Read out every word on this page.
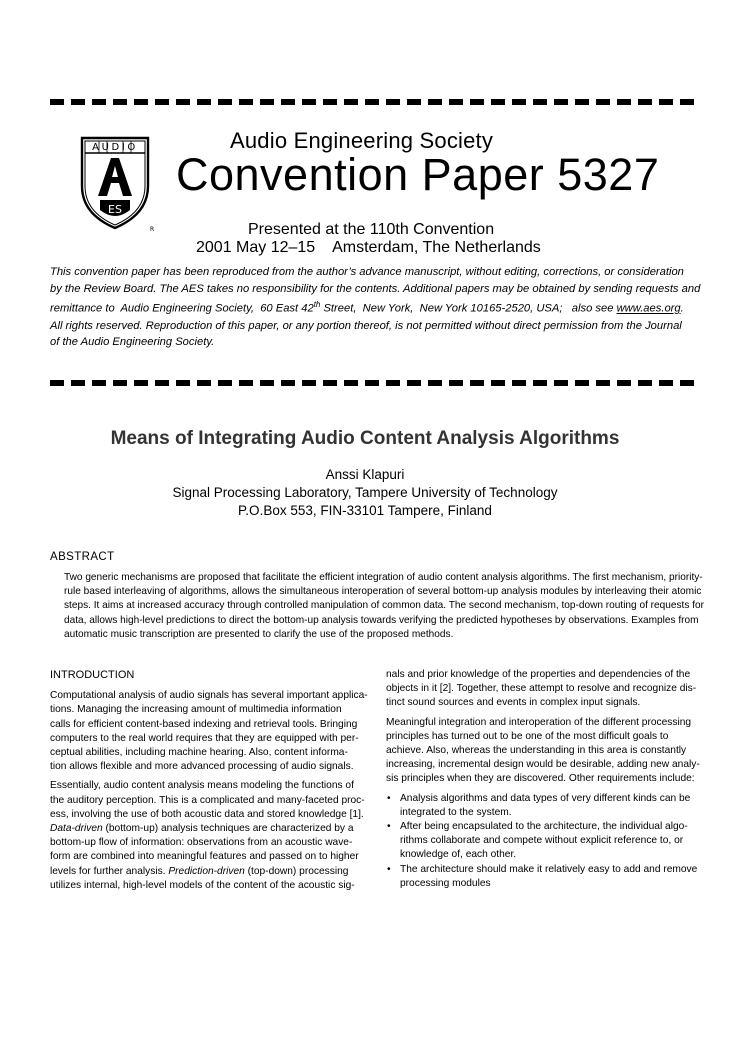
AUDIO
ES
R
Audio Engineering Society
Convention Paper 5327
Presented at the 110th Convention
2001 May 12–15    Amsterdam, The Netherlands
This convention paper has been reproduced from the author’s advance manuscript, without editing, corrections, or consideration
by the Review Board. The AES takes no responsibility for the contents. Additional papers may be obtained by sending requests and
remittance to  Audio Engineering Society,  60 East 42th Street,  New York,  New York 10165-2520, USA;   also see www.aes.org.
All rights reserved. Reproduction of this paper, or any portion thereof, is not permitted without direct permission from the Journal
of the Audio Engineering Society.
Means of Integrating Audio Content Analysis Algorithms
Anssi Klapuri
Signal Processing Laboratory, Tampere University of Technology
P.O.Box 553, FIN-33101 Tampere, Finland
ABSTRACT
Two generic mechanisms are proposed that facilitate the efficient integration of audio content analysis algorithms. The first mechanism, priority-
rule based interleaving of algorithms, allows the simultaneous interoperation of several bottom-up analysis modules by interleaving their atomic
steps. It aims at increased accuracy through controlled manipulation of common data. The second mechanism, top-down routing of requests for
data, allows high-level predictions to direct the bottom-up analysis towards verifying the predicted hypotheses by observations. Examples from
automatic music transcription are presented to clarify the use of the proposed methods.
INTRODUCTION
Computational analysis of audio signals has several important applica-
tions. Managing the increasing amount of multimedia information
calls for efficient content-based indexing and retrieval tools. Bringing
computers to the real world requires that they are equipped with per-
ceptual abilities, including machine hearing. Also, content informa-
tion allows flexible and more advanced processing of audio signals.
Essentially, audio content analysis means modeling the functions of
the auditory perception. This is a complicated and many-faceted proc-
ess, involving the use of both acoustic data and stored knowledge [1].
Data-driven (bottom-up) analysis techniques are characterized by a
bottom-up flow of information: observations from an acoustic wave-
form are combined into meaningful features and passed on to higher
levels for further analysis. Prediction-driven (top-down) processing
utilizes internal, high-level models of the content of the acoustic sig-
nals and prior knowledge of the properties and dependencies of the
objects in it [2]. Together, these attempt to resolve and recognize dis-
tinct sound sources and events in complex input signals.
Meaningful integration and interoperation of the different processing
principles has turned out to be one of the most difficult goals to
achieve. Also, whereas the understanding in this area is constantly
increasing, incremental design would be desirable, adding new analy-
sis principles when they are discovered. Other requirements include:
• Analysis algorithms and data types of very different kinds can be
integrated to the system.
• After being encapsulated to the architecture, the individual algo-
rithms collaborate and compete without explicit reference to, or
knowledge of, each other.
• The architecture should make it relatively easy to add and remove
processing modules
